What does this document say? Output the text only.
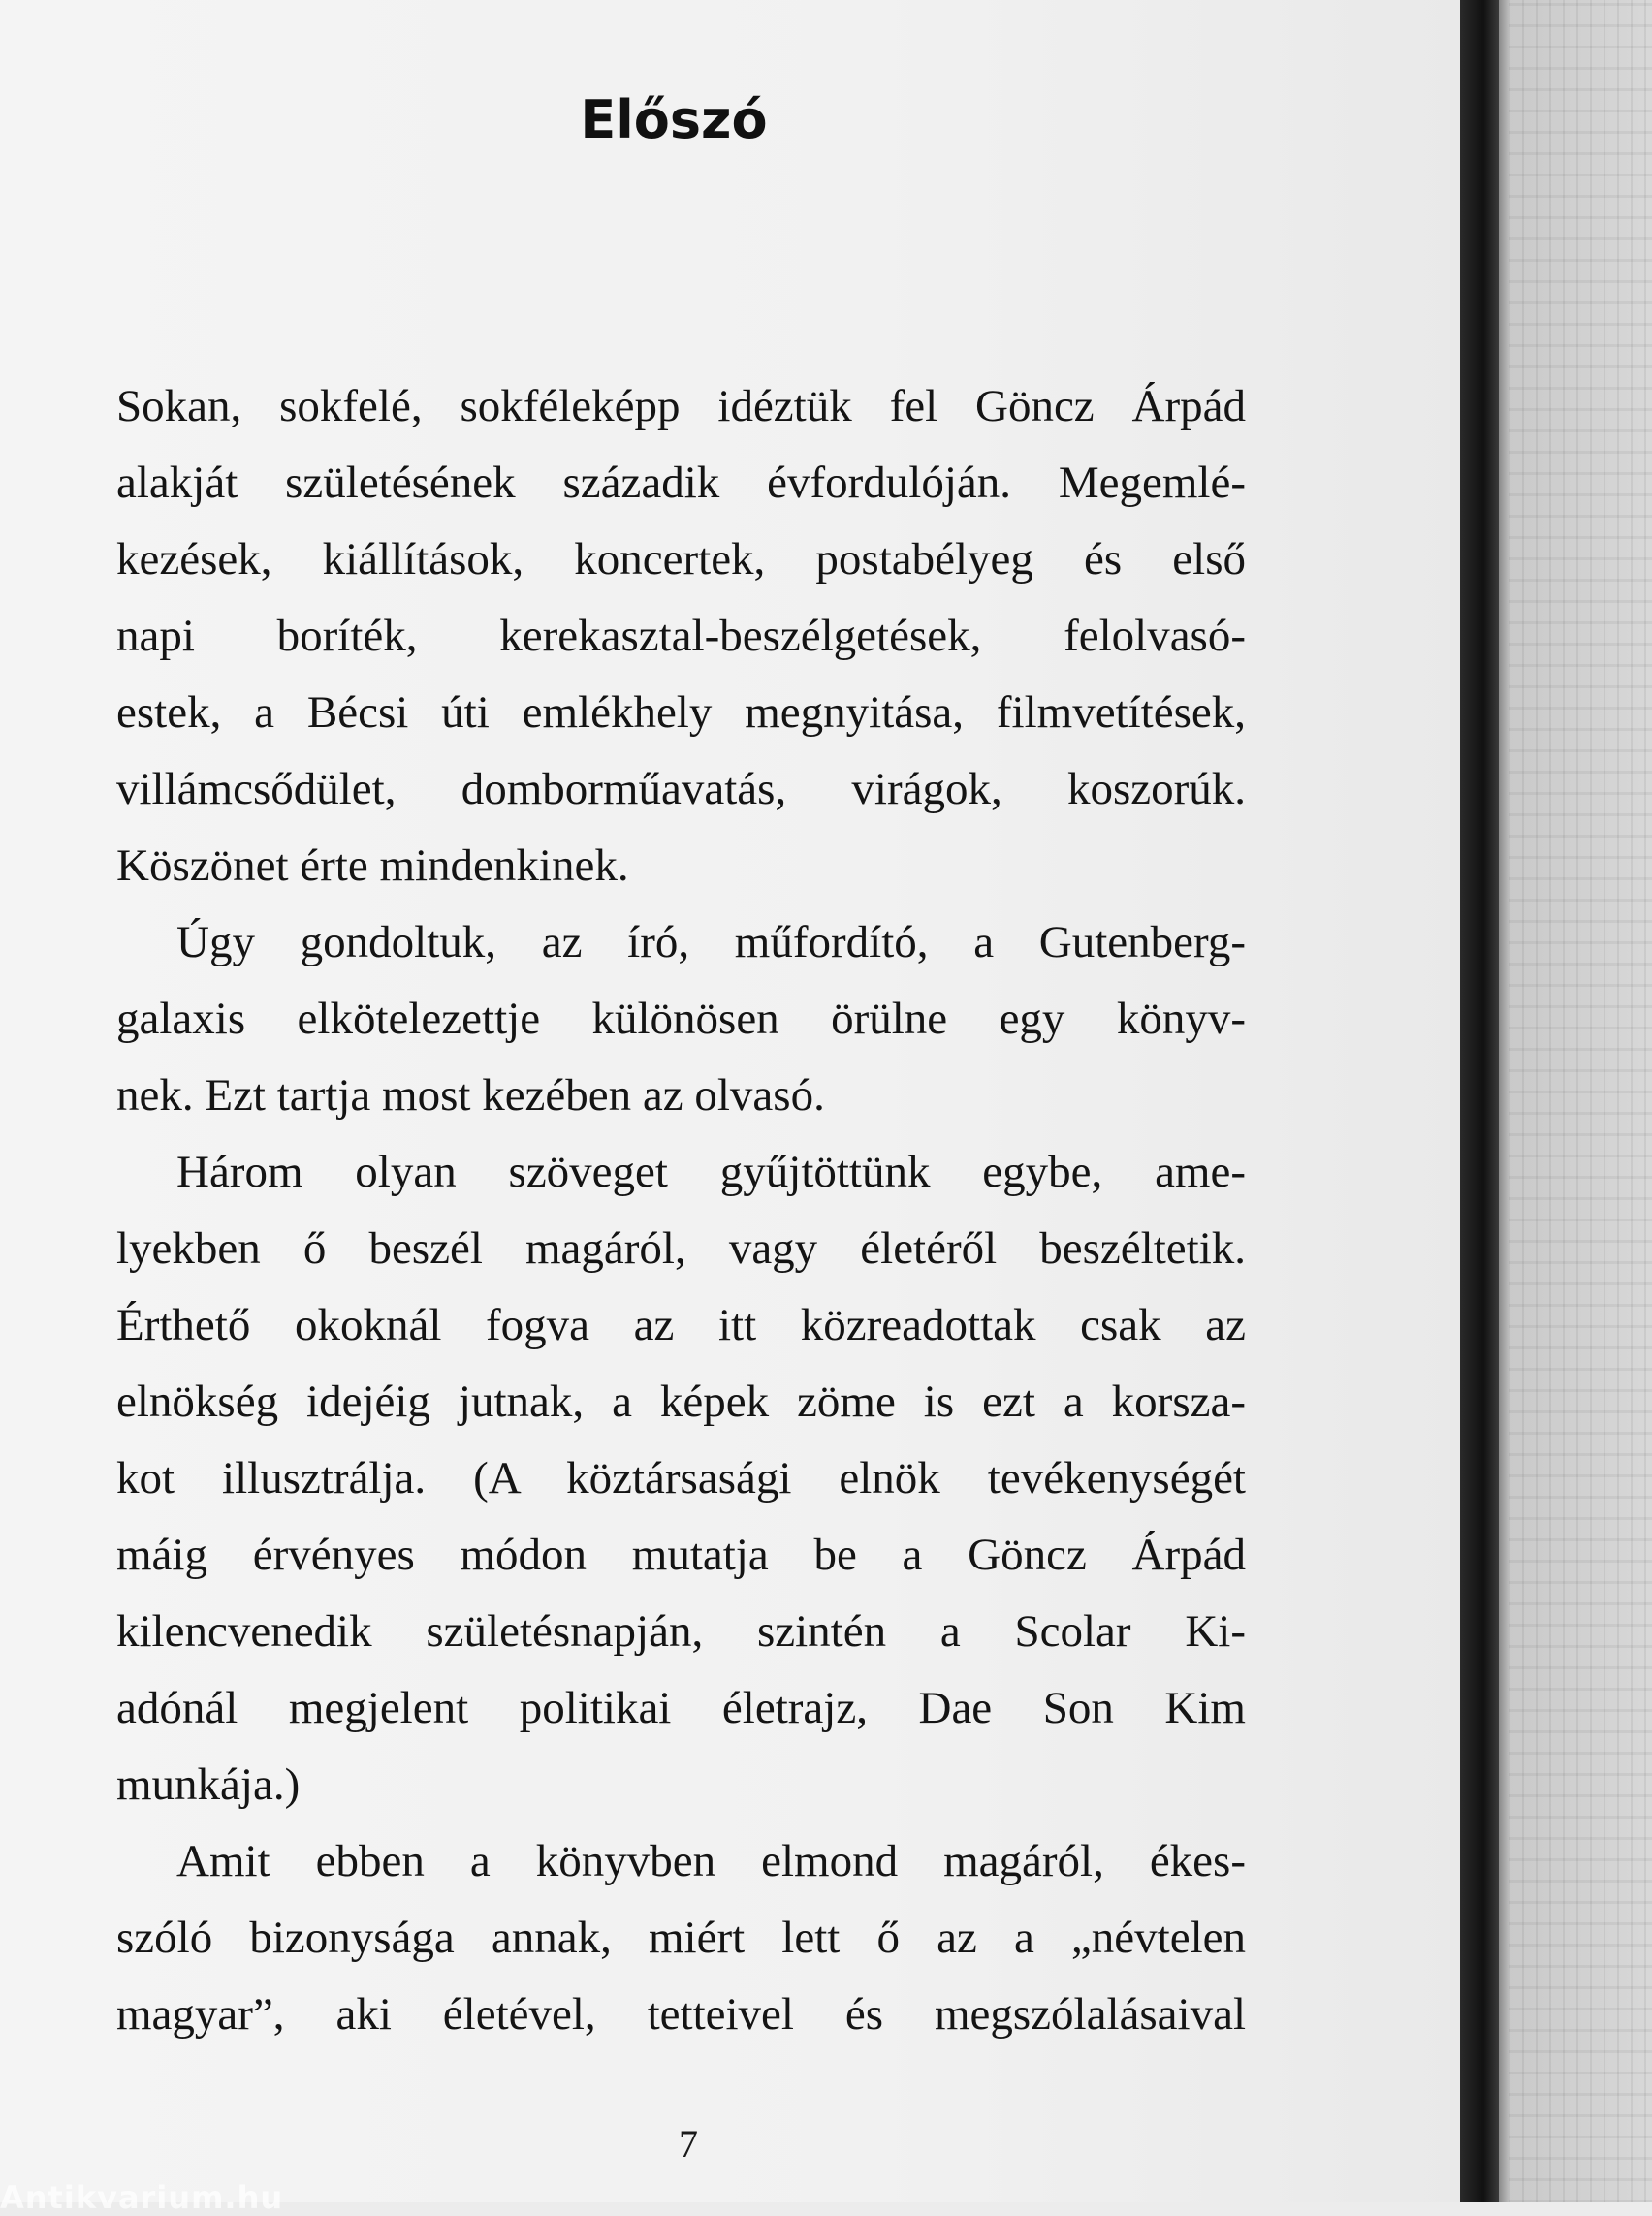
Előszó

Sokan, sokfelé, sokféleképp idéztük fel Göncz Árpád
alakját születésének századik évfordulóján. Megemlé-
kezések, kiállítások, koncertek, postabélyeg és első
napi boríték, kerekasztal-beszélgetések, felolvasó-
estek, a Bécsi úti emlékhely megnyitása, filmvetítések,
villámcsődület, domborműavatás, virágok, koszorúk.
Köszönet érte mindenkinek.

Úgy gondoltuk, az író, műfordító, a Gutenberg-
galaxis elkötelezettje különösen örülne egy könyv-
nek. Ezt tartja most kezében az olvasó.

Három olyan szöveget gyűjtöttünk egybe, ame-
lyekben ő beszél magáról, vagy életéről beszéltetik.
Érthető okoknál fogva az itt közreadottak csak az
elnökség idejéig jutnak, a képek zöme is ezt a korsza-
kot illusztrálja. (A köztársasági elnök tevékenységét
máig érvényes módon mutatja be a Göncz Árpád
kilencvenedik születésnapján, szintén a Scolar Ki-
adónál megjelent politikai életrajz, Dae Son Kim
munkája.)

Amit ebben a könyvben elmond magáról, ékes-
szóló bizonysága annak, miért lett ő az a „névtelen
magyar”, aki életével, tetteivel és megszólalásaival

7
Antikvarium.hu
